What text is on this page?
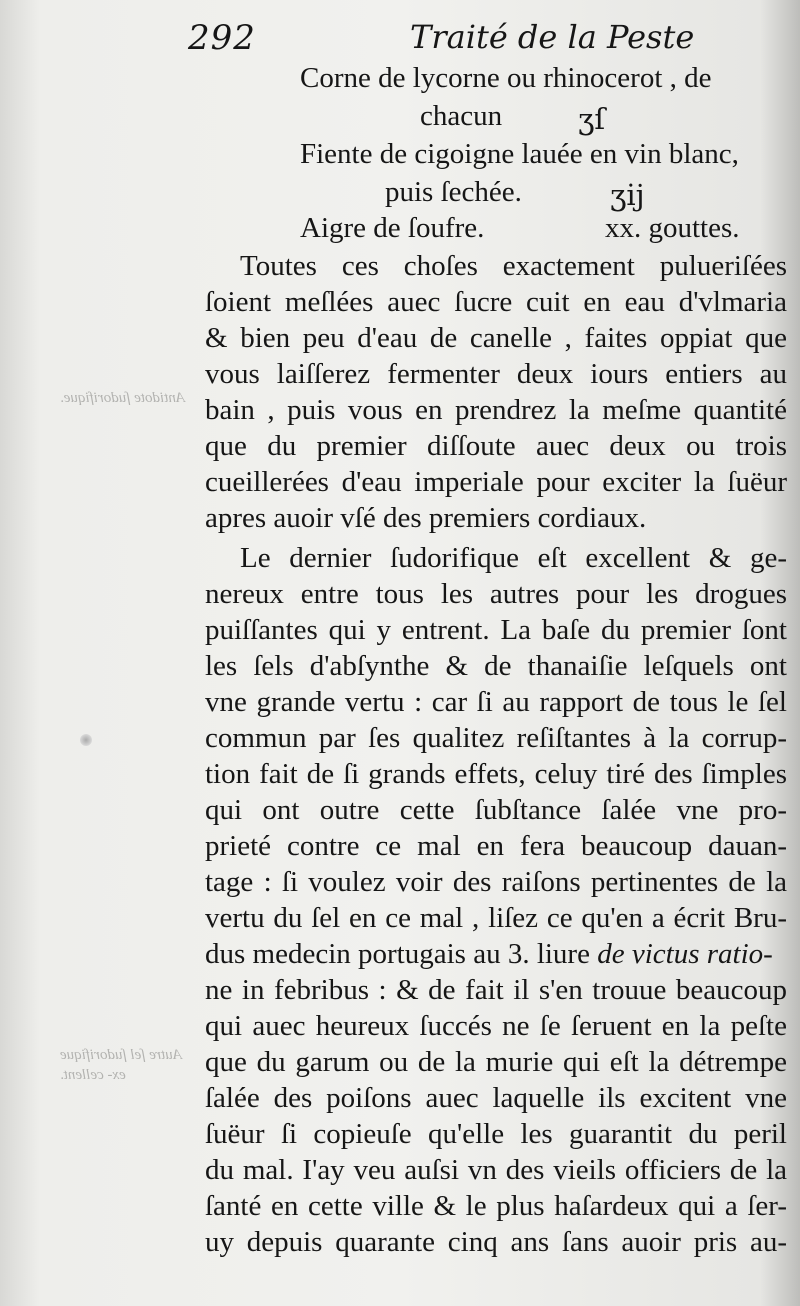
292	Traité de la Peste
Corne de lycorne ou rhinocerot , de
chacun	ʒſ
Fiente de cigoigne lauée en vin blanc,
puis ſechée.	ʒij
Aigre de ſoufre.	xx. gouttes.
Toutes ces choſes exactement pulueriſées
ſoient meſlées auec ſucre cuit en eau d'vlmaria
& bien peu d'eau de canelle , faites oppiat que
vous laiſſerez fermenter deux iours entiers au
bain , puis vous en prendrez la meſme quantité
que du premier diſſoute auec deux ou trois
cueillerées d'eau imperiale pour exciter la ſuëur
apres auoir vſé des premiers cordiaux.
Le dernier ſudorifique eſt excellent & ge-
nereux entre tous les autres pour les drogues
puiſſantes qui y entrent. La baſe du premier ſont
les ſels d'abſynthe & de thanaiſie leſquels ont
vne grande vertu : car ſi au rapport de tous le ſel
commun par ſes qualitez reſiſtantes à la corrup-
tion fait de ſi grands effets, celuy tiré des ſimples
qui ont outre cette ſubſtance ſalée vne pro-
prieté contre ce mal en fera beaucoup dauan-
tage : ſi voulez voir des raiſons pertinentes de la
vertu du ſel en ce mal , liſez ce qu'en a écrit Bru-
dus medecin portugais au 3. liure de victus ratio-
ne in febribus : & de fait il s'en trouue beaucoup
qui auec heureux ſuccés ne ſe ſeruent en la peſte
que du garum ou de la murie qui eſt la détrempe
ſalée des poiſons auec laquelle ils excitent vne
ſuëur ſi copieuſe qu'elle les guarantit du peril
du mal. I'ay veu auſsi vn des vieils officiers de la
ſanté en cette ville & le plus haſardeux qui a ſer-
uy depuis quarante cinq ans ſans auoir pris au-
Antidote ſudorifique.
Autre ſel ſudorifique ex- cellent.
